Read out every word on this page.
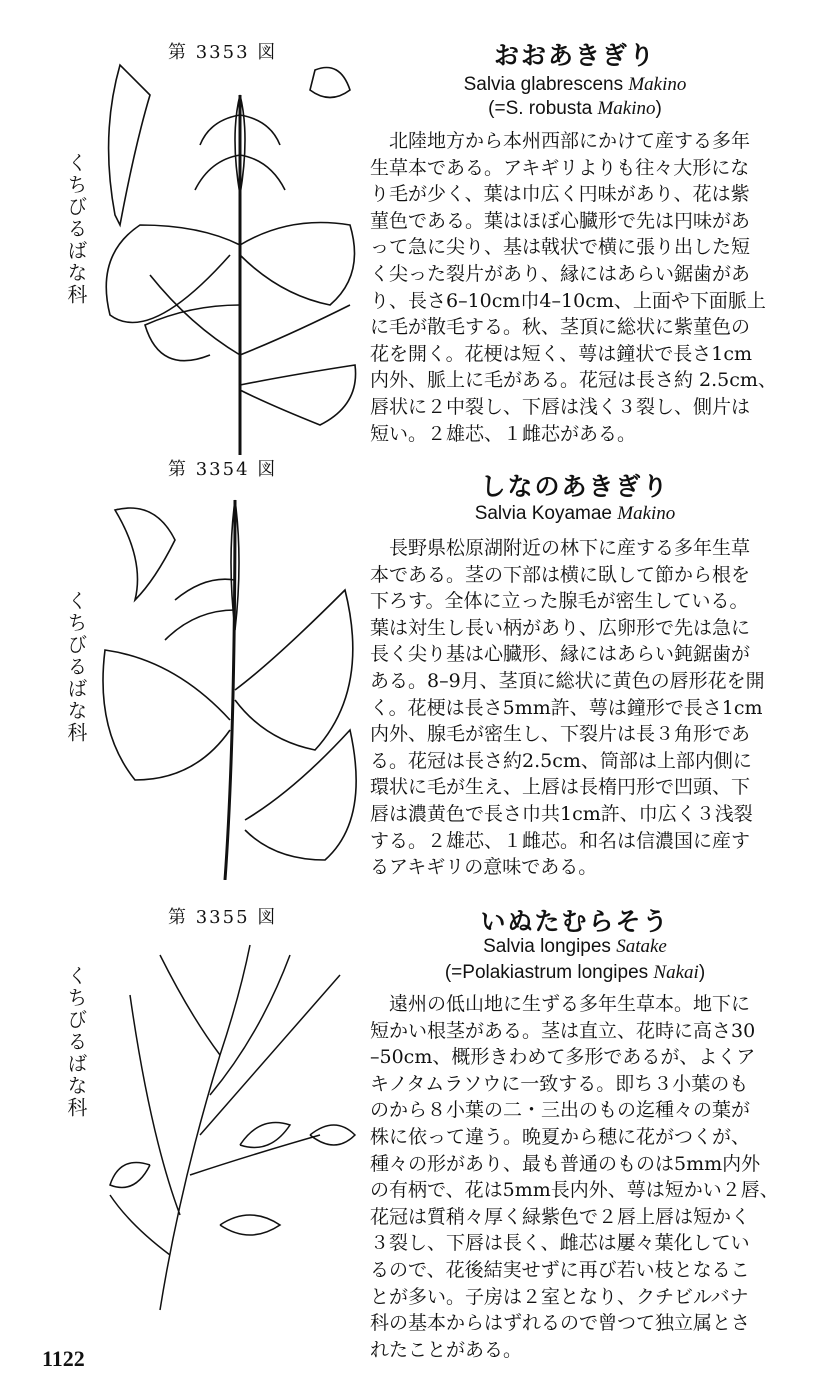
第 3353 図
くちびるばな科
おおあきぎり
Salvia glabrescens Makino
(=S. robusta Makino)
　北陸地方から本州西部にかけて産する多年
生草本である。アキギリよりも往々大形にな
り毛が少く、葉は巾広く円味があり、花は紫
菫色である。葉はほぼ心臓形で先は円味があ
って急に尖り、基は戟状で横に張り出した短
く尖った裂片があり、縁にはあらい鋸歯があ
り、長さ6–10cm巾4–10cm、上面や下面脈上
に毛が散毛する。秋、茎頂に総状に紫菫色の
花を開く。花梗は短く、萼は鐘状で長さ1cm
内外、脈上に毛がある。花冠は長さ約 2.5cm、
唇状に２中裂し、下唇は浅く３裂し、側片は
短い。２雄芯、１雌芯がある。
第 3354 図
くちびるばな科
しなのあきぎり
Salvia Koyamae Makino
　長野県松原湖附近の林下に産する多年生草
本である。茎の下部は横に臥して節から根を
下ろす。全体に立った腺毛が密生している。
葉は対生し長い柄があり、広卵形で先は急に
長く尖り基は心臓形、縁にはあらい鈍鋸歯が
ある。8–9月、茎頂に総状に黄色の唇形花を開
く。花梗は長さ5mm許、萼は鐘形で長さ1cm
内外、腺毛が密生し、下裂片は長３角形であ
る。花冠は長さ約2.5cm、筒部は上部内側に
環状に毛が生え、上唇は長楕円形で凹頭、下
唇は濃黄色で長さ巾共1cm許、巾広く３浅裂
する。２雄芯、１雌芯。和名は信濃国に産す
るアキギリの意味である。
第 3355 図
くちびるばな科
いぬたむらそう
Salvia longipes Satake
(=Polakiastrum longipes Nakai)
　遠州の低山地に生ずる多年生草本。地下に
短かい根茎がある。茎は直立、花時に高さ30
–50cm、概形きわめて多形であるが、よくア
キノタムラソウに一致する。即ち３小葉のも
のから８小葉の二・三出のもの迄種々の葉が
株に依って違う。晩夏から穂に花がつくが、
種々の形があり、最も普通のものは5mm内外
の有柄で、花は5mm長内外、萼は短かい２唇、
花冠は質稍々厚く緑紫色で２唇上唇は短かく
３裂し、下唇は長く、雌芯は屢々葉化してい
るので、花後結実せずに再び若い枝となるこ
とが多い。子房は２室となり、クチビルバナ
科の基本からはずれるので曾つて独立属とさ
れたことがある。
1122
